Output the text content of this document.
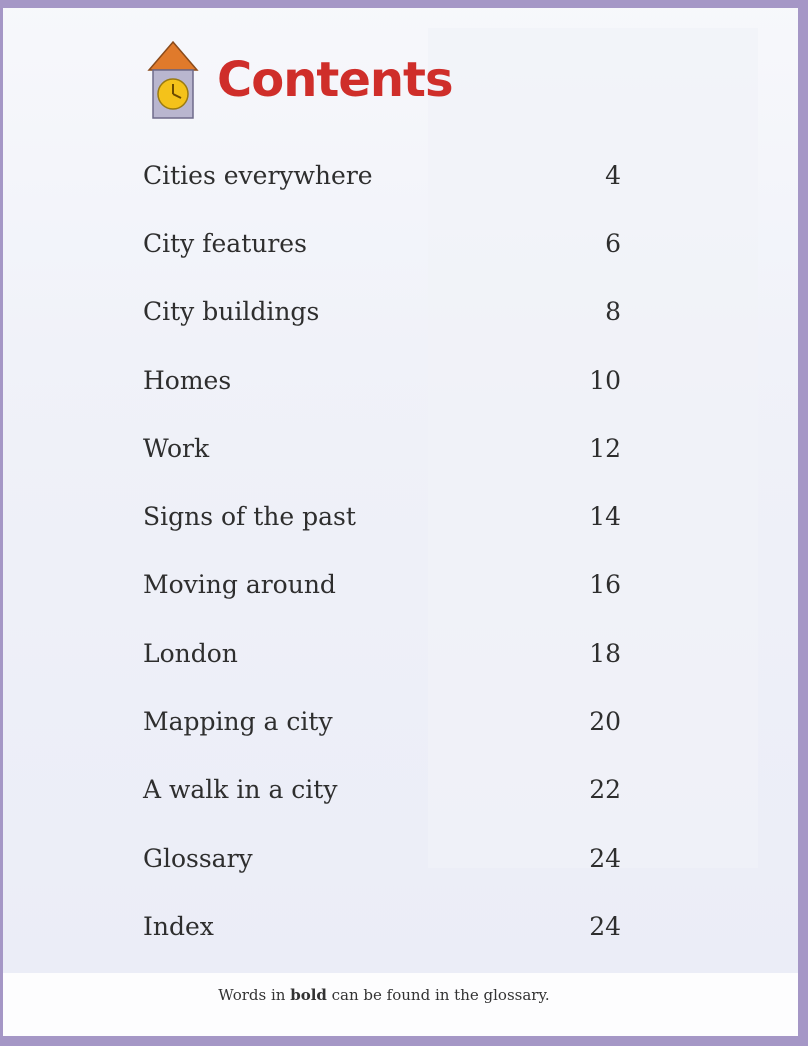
Contents
Cities everywhere	4
City features	6
City buildings	8
Homes	10
Work	12
Signs of the past	14
Moving around	16
London	18
Mapping a city	20
A walk in a city	22
Glossary	24
Index	24
Words in bold can be found in the glossary.
